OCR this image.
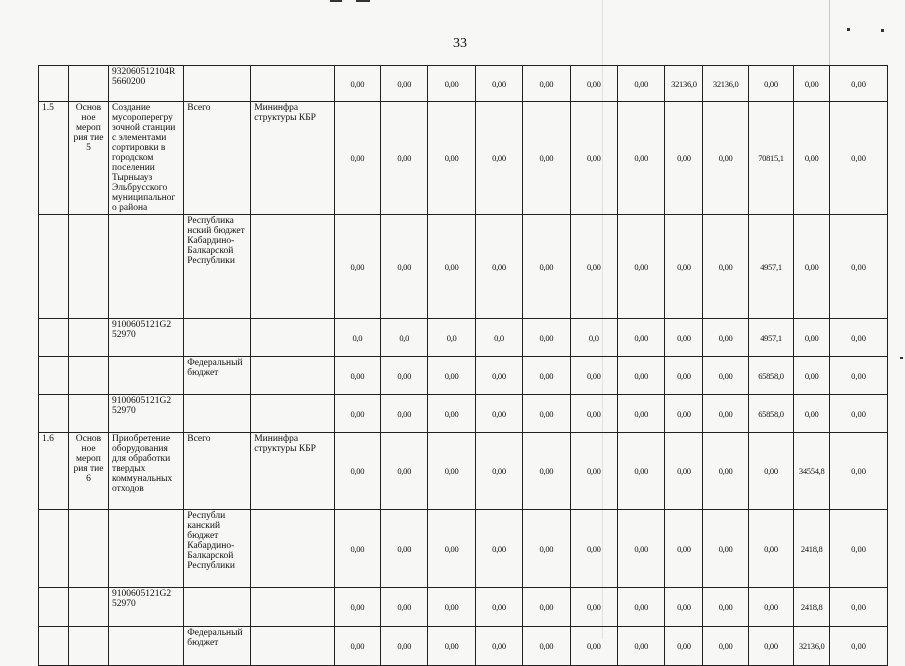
33
		932060512104R 5660200			0,00	0,00	0,00	0,00	0,00	0,00	0,00	32136,0	32136,0	0,00	0,00	0,00
1.5	Основ ное мероп рия тие 5	Создание мусороперегру зочной станции с элементами сортировки в городском поселении Тырныауз Эльбрусского муниципальног о района	Всего	Мининфра структуры КБР	0,00	0,00	0,00	0,00	0,00	0,00	0,00	0,00	0,00	70815,1	0,00	0,00
			Республика нский бюджет Кабардино-Балкарской Республики		0,00	0,00	0,00	0,00	0,00	0,00	0,00	0,00	0,00	4957,1	0,00	0,00
		9100605121G2 52970			0,0	0,0	0,0	0,0	0,00	0,0	0,00	0,00	0,00	4957,1	0,00	0,00
			Федеральный бюджет		0,00	0,00	0,00	0,00	0,00	0,00	0,00	0,00	0,00	65858,0	0,00	0,00
		9100605121G2 52970			0,00	0,00	0,00	0,00	0,00	0,00	0,00	0,00	0,00	65858,0	0,00	0,00
1.6	Основ ное мероп рия тие 6	Приобретение оборудования для обработки твердых коммунальных отходов	Всего	Мининфра структуры КБР	0,00	0,00	0,00	0,00	0,00	0,00	0,00	0,00	0,00	0,00	34554,8	0,00
			Республи канский бюджет Кабардино-Балкарской Республики		0,00	0,00	0,00	0,00	0,00	0,00	0,00	0,00	0,00	0,00	2418,8	0,00
		9100605121G2 52970			0,00	0,00	0,00	0,00	0,00	0,00	0,00	0,00	0,00	0,00	2418,8	0,00
			Федеральный бюджет		0,00	0,00	0,00	0,00	0,00	0,00	0,00	0,00	0,00	0,00	32136,0	0,00
